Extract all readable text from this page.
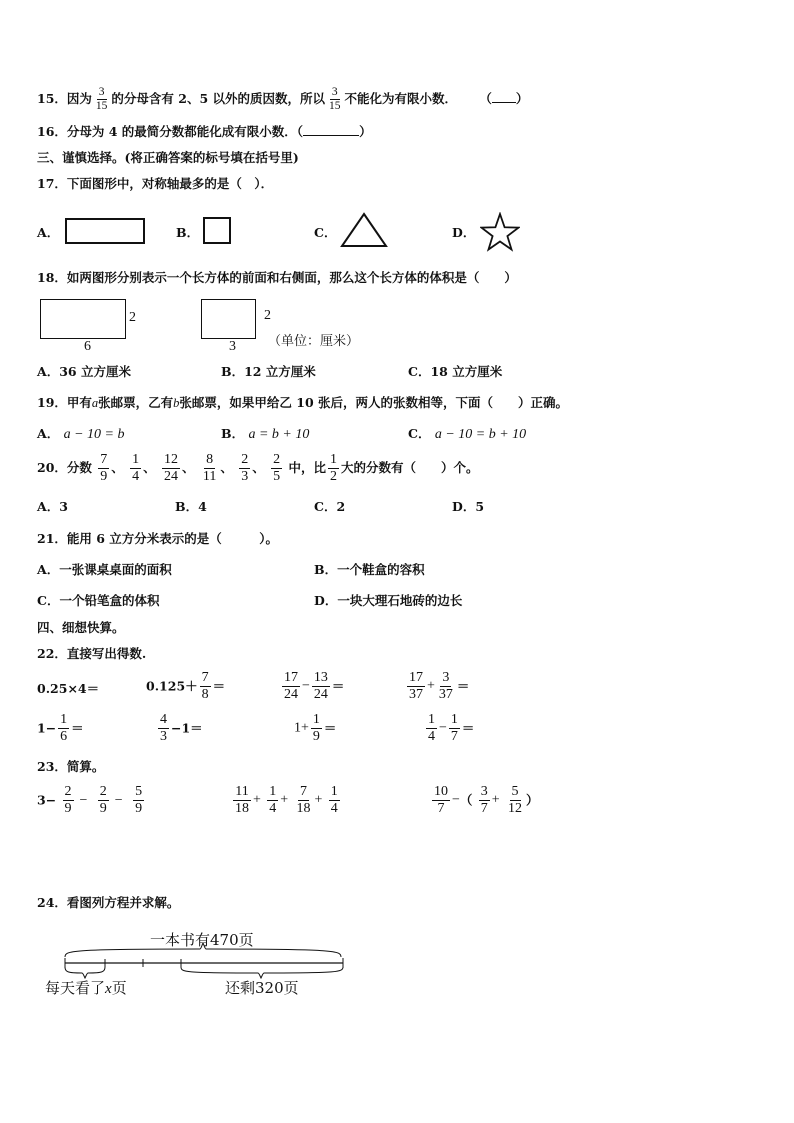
15．因为 $\frac{3}{15}$ 的分母含有 2、5 以外的质因数，所以 $\frac{3}{15}$ 不能化为有限小数． （ ）
16．分母为 4 的最简分数都能化成有限小数．（	）
三、谨慎选择。(将正确答案的标号填在括号里)
17．下面图形中，对称轴最多的是（　）．
A．	B．	C．	D．
18．如两图形分别表示一个长方体的前面和右侧面，那么这个长方体的体积是（　　）
2
6
2
3 （单位：厘米）
A．36 立方厘米	B．12 立方厘米	C．18 立方厘米
19．甲有a张邮票，乙有b张邮票，如果甲给乙 10 张后，两人的张数相等，下面（　　）正确。
A． a − 10 = b	B． a = b + 10	C． a − 10 = b + 10
20．分数 $\frac{7}{9}$ 、 $\frac{1}{4}$ 、 $\frac{12}{24}$ 、 $\frac{8}{11}$ 、 $\frac{2}{3}$ 、 $\frac{2}{5}$ 中，比 $\frac{1}{2}$ 大的分数有（　　）个。
A．3	B．4	C．2	D．5
21．能用 6 立方分米表示的是（　　　）。
A．一张课桌桌面的面积	B．一个鞋盒的容积
C．一个铅笔盒的体积	D．一块大理石地砖的边长
四、细想快算。
22．直接写出得数.
0.25×4＝	$0.125+ \frac{7}{8}$ ＝	$\frac{17}{24} - \frac{13}{24}$ ＝	$\frac{17}{37} + \frac{3}{37}$ ＝
$1- \frac{1}{6}$ ＝	$\frac{4}{3} -1=$	$1+ \frac{1}{9}$ ＝	$\frac{1}{4} - \frac{1}{7}$ ＝
23．简算。
$3- \frac{2}{9} - \frac{2}{9} - \frac{5}{9}$	$\frac{11}{18} + \frac{1}{4} + \frac{7}{18} + \frac{1}{4}$	$\frac{10}{7}$ −（ $\frac{3}{7} + \frac{5}{12}$ ）
24．看图列方程并求解。
一本书有470页
每天看了x页	还剩320页
